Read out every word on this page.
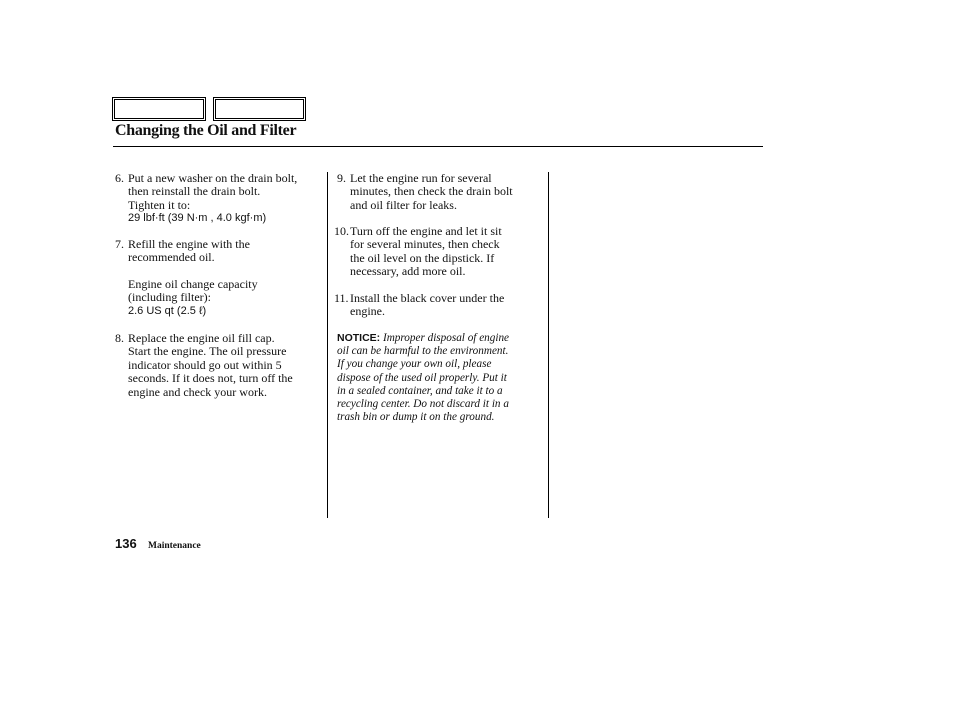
Changing the Oil and Filter
6. Put a new washer on the drain bolt,
then reinstall the drain bolt.
Tighten it to:
29 lbf·ft (39 N·m , 4.0 kgf·m)
7. Refill the engine with the
recommended oil.
Engine oil change capacity
(including filter):
2.6 US qt (2.5 ℓ)
8. Replace the engine oil fill cap.
Start the engine. The oil pressure
indicator should go out within 5
seconds. If it does not, turn off the
engine and check your work.
9. Let the engine run for several
minutes, then check the drain bolt
and oil filter for leaks.
10. Turn off the engine and let it sit
for several minutes, then check
the oil level on the dipstick. If
necessary, add more oil.
11. Install the black cover under the
engine.
NOTICE: Improper disposal of engine
oil can be harmful to the environment.
If you change your own oil, please
dispose of the used oil properly. Put it
in a sealed container, and take it to a
recycling center. Do not discard it in a
trash bin or dump it on the ground.
136 Maintenance
